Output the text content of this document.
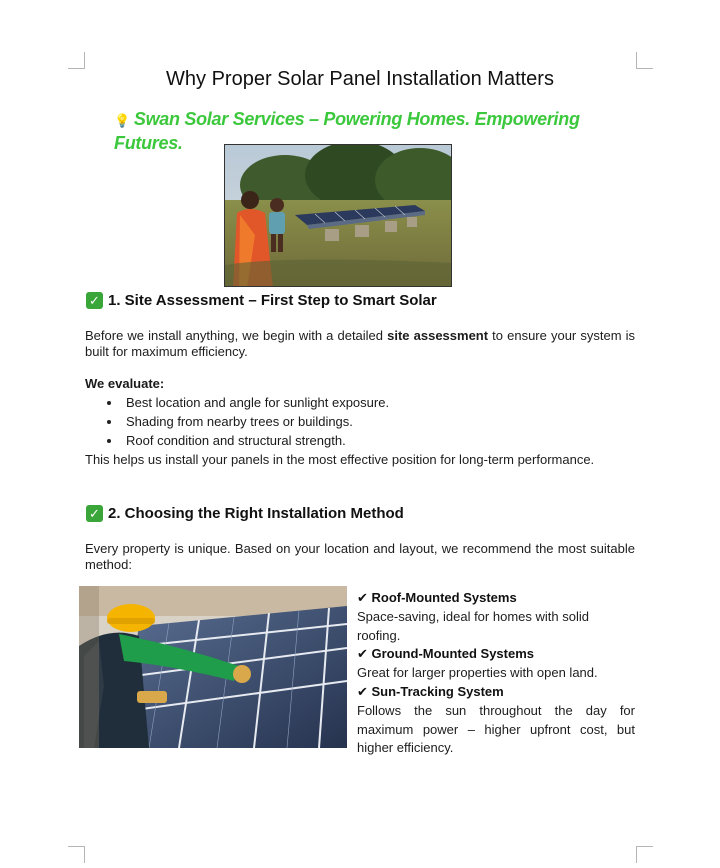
Why Proper Solar Panel Installation Matters
💡 Swan Solar Services – Powering Homes. Empowering Futures.
✓ 1. Site Assessment – First Step to Smart Solar
Before we install anything, we begin with a detailed site assessment to ensure your system is built for maximum efficiency.
We evaluate:
Best location and angle for sunlight exposure.
Shading from nearby trees or buildings.
Roof condition and structural strength.
This helps us install your panels in the most effective position for long-term performance.
✓ 2. Choosing the Right Installation Method
Every property is unique. Based on your location and layout, we recommend the most suitable method:
✔ Roof-Mounted Systems
Space-saving, ideal for homes with solid roofing.
✔ Ground-Mounted Systems
Great for larger properties with open land.
✔ Sun-Tracking System
Follows the sun throughout the day for maximum power – higher upfront cost, but higher efficiency.
